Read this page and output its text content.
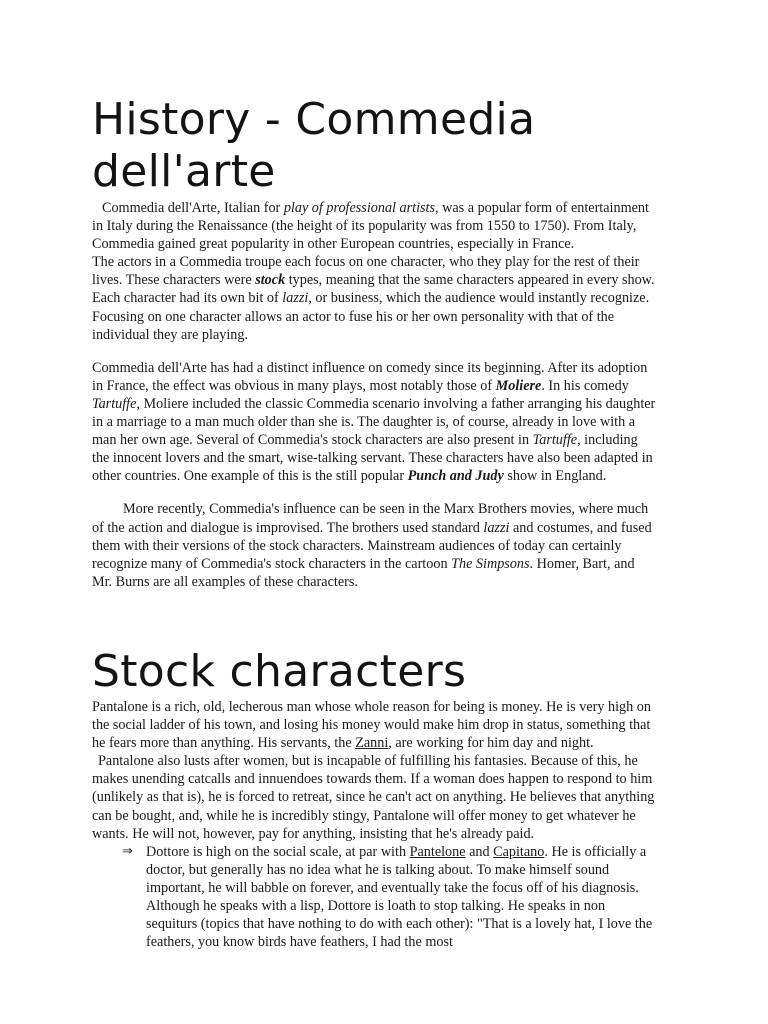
History - Commedia dell'arte

Commedia dell'Arte, Italian for play of professional artists, was a popular form of entertainment in Italy during the Renaissance (the height of its popularity was from 1550 to 1750). From Italy, Commedia gained great popularity in other European countries, especially in France.

The actors in a Commedia troupe each focus on one character, who they play for the rest of their lives. These characters were stock types, meaning that the same characters appeared in every show. Each character had its own bit of lazzi, or business, which the audience would instantly recognize. Focusing on one character allows an actor to fuse his or her own personality with that of the individual they are playing.

Commedia dell'Arte has had a distinct influence on comedy since its beginning. After its adoption in France, the effect was obvious in many plays, most notably those of Moliere. In his comedy Tartuffe, Moliere included the classic Commedia scenario involving a father arranging his daughter in a marriage to a man much older than she is. The daughter is, of course, already in love with a man her own age. Several of Commedia's stock characters are also present in Tartuffe, including the innocent lovers and the smart, wise-talking servant. These characters have also been adapted in other countries. One example of this is the still popular Punch and Judy show in England.

More recently, Commedia's influence can be seen in the Marx Brothers movies, where much of the action and dialogue is improvised. The brothers used standard lazzi and costumes, and fused them with their versions of the stock characters. Mainstream audiences of today can certainly recognize many of Commedia's stock characters in the cartoon The Simpsons. Homer, Bart, and Mr. Burns are all examples of these characters.

Stock characters

Pantalone is a rich, old, lecherous man whose whole reason for being is money. He is very high on the social ladder of his town, and losing his money would make him drop in status, something that he fears more than anything. His servants, the Zanni, are working for him day and night.

Pantalone also lusts after women, but is incapable of fulfilling his fantasies. Because of this, he makes unending catcalls and innuendoes towards them. If a woman does happen to respond to him (unlikely as that is), he is forced to retreat, since he can't act on anything. He believes that anything can be bought, and, while he is incredibly stingy, Pantalone will offer money to get whatever he wants. He will not, however, pay for anything, insisting that he's already paid.

⇒ Dottore is high on the social scale, at par with Pantelone and Capitano. He is officially a doctor, but generally has no idea what he is talking about. To make himself sound important, he will babble on forever, and eventually take the focus off of his diagnosis. Although he speaks with a lisp, Dottore is loath to stop talking. He speaks in non sequiturs (topics that have nothing to do with each other): "That is a lovely hat, I love the feathers, you know birds have feathers, I had the most
